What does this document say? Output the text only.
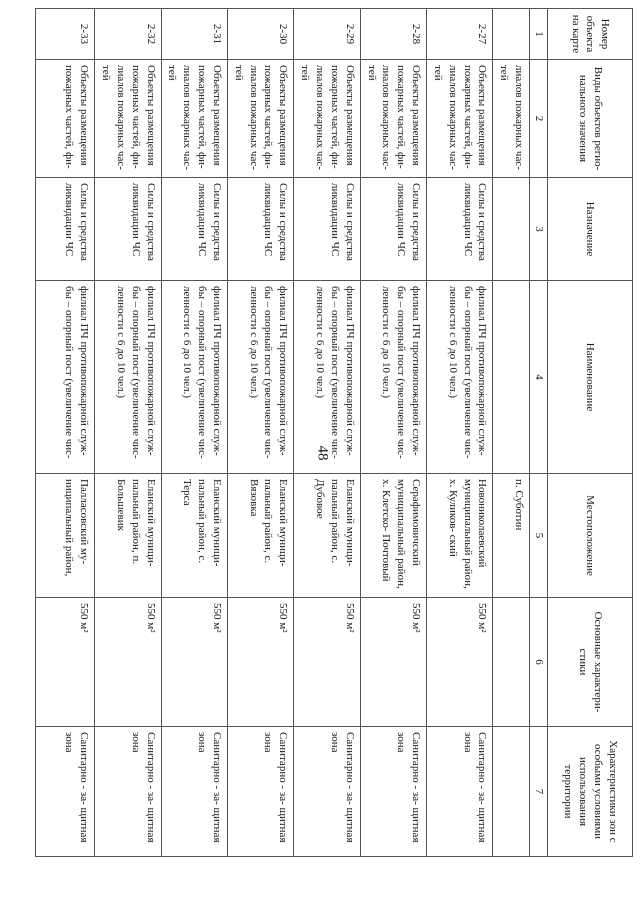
48
Номер объекта на карте	Виды объектов регио- нального значения	Назначение	Наименование	Местоположение	Основные характери- стики	Характеристики зон с особыми условиями использования территории
1	2	3	4	5	6	7
	лиалов пожарных час- тей			п. Суботин		
2-27	Объекты размещения пожарных частей, фи- лиалов пожарных час- тей	Силы и средства ликвидации ЧС	филиал ПЧ противопожарной служ- бы – опорный пост (увеличение чис- ленности с 6 до 10 чел.)	Новониколаевский муниципальный район, х. Куликов- ский	550 м²	Санитарно - за- щитная зона
2-28	Объекты размещения пожарных частей, фи- лиалов пожарных час- тей	Силы и средства ликвидации ЧС	филиал ПЧ противопожарной служ- бы – опорный пост (увеличение чис- ленности с 6 до 10 чел.)	Серафимовичский муниципальный район, х. Клетско- Почтовый	550 м²	Санитарно - за- щитная зона
2-29	Объекты размещения пожарных частей, фи- лиалов пожарных час- тей	Силы и средства ликвидации ЧС	филиал ПЧ противопожарной служ- бы – опорный пост (увеличение чис- ленности с 6 до 10 чел.)	Еланский муници- пальный район, с. Дубовое	550 м²	Санитарно - за- щитная зона
2-30	Объекты размещения пожарных частей, фи- лиалов пожарных час- тей	Силы и средства ликвидации ЧС	филиал ПЧ противопожарной служ- бы – опорный пост (увеличение чис- ленности с 6 до 10 чел.)	Еланский муници- пальный район, с. Вязовка	550 м²	Санитарно - за- щитная зона
2-31	Объекты размещения пожарных частей, фи- лиалов пожарных час- тей	Силы и средства ликвидации ЧС	филиал ПЧ противопожарной служ- бы – опорный пост (увеличение чис- ленности с 6 до 10 чел.)	Еланский муници- пальный район, с. Терса	550 м²	Санитарно - за- щитная зона
2-32	Объекты размещения пожарных частей, фи- лиалов пожарных час- тей	Силы и средства ликвидации ЧС	филиал ПЧ противопожарной служ- бы – опорный пост (увеличение чис- ленности с 6 до 10 чел.)	Еланский муници- пальный район, п. Большевик	550 м²	Санитарно - за- щитная зона
2-33	Объекты размещения пожарных частей, фи-	Силы и средства ликвидации ЧС	филиал ПЧ противопожарной служ- бы – опорный пост (увеличение чис-	Палласовский му- ниципальный район,	550 м²	Санитарно - за- щитная зона
